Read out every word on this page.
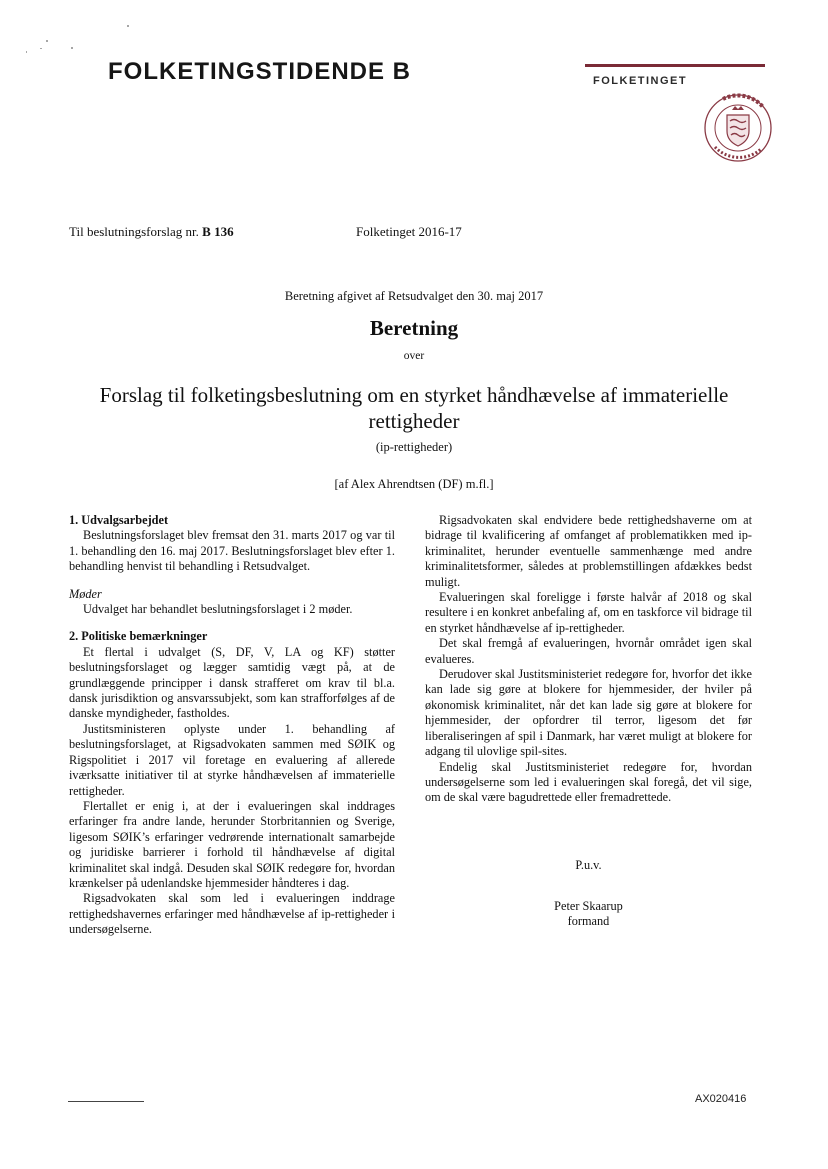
FOLKETINGSTIDENDE B	FOLKETINGET
Til beslutningsforslag nr. B 136	Folketinget 2016-17
Beretning afgivet af Retsudvalget den 30. maj 2017
Beretning
over
Forslag til folketingsbeslutning om en styrket håndhævelse af immaterielle
rettigheder
(ip-rettigheder)
[af Alex Ahrendtsen (DF) m.fl.]
1. Udvalgsarbejdet

Beslutningsforslaget blev fremsat den 31. marts 2017 og var til 1. behandling den 16. maj 2017. Beslutningsforslaget blev efter 1. behandling henvist til behandling i Retsudvalget.

Møder

Udvalget har behandlet beslutningsforslaget i 2 møder.

2. Politiske bemærkninger

Et flertal i udvalget (S, DF, V, LA og KF) støtter beslutningsforslaget og lægger samtidig vægt på, at de grundlæggende principper i dansk strafferet om krav til bl.a. dansk jurisdiktion og ansvarssubjekt, som kan strafforfølges af de danske myndigheder, fastholdes.

Justitsministeren oplyste under 1. behandling af beslutningsforslaget, at Rigsadvokaten sammen med SØIK og Rigspolitiet i 2017 vil foretage en evaluering af allerede iværksatte initiativer til at styrke håndhævelsen af immaterielle rettigheder.

Flertallet er enig i, at der i evalueringen skal inddrages erfaringer fra andre lande, herunder Storbritannien og Sverige, ligesom SØIK’s erfaringer vedrørende internationalt samarbejde og juridiske barrierer i forhold til håndhævelse af digital kriminalitet skal indgå. Desuden skal SØIK redegøre for, hvordan krænkelser på udenlandske hjemmesider håndteres i dag.

Rigsadvokaten skal som led i evalueringen inddrage rettighedshavernes erfaringer med håndhævelse af ip-rettigheder i undersøgelserne.

Rigsadvokaten skal endvidere bede rettighedshaverne om at bidrage til kvalificering af omfanget af problematikken med ip-kriminalitet, herunder eventuelle sammenhænge med andre kriminalitetsformer, således at problemstillingen afdækkes bedst muligt.

Evalueringen skal foreligge i første halvår af 2018 og skal resultere i en konkret anbefaling af, om en taskforce vil bidrage til en styrket håndhævelse af ip-rettigheder.

Det skal fremgå af evalueringen, hvornår området igen skal evalueres.

Derudover skal Justitsministeriet redegøre for, hvorfor det ikke kan lade sig gøre at blokere for hjemmesider, der hviler på økonomisk kriminalitet, når det kan lade sig gøre at blokere for hjemmesider, der opfordrer til terror, ligesom det før liberaliseringen af spil i Danmark, har været muligt at blokere for adgang til ulovlige spil-sites.

Endelig skal Justitsministeriet redegøre for, hvordan undersøgelserne som led i evalueringen skal foregå, det vil sige, om de skal være bagudrettede eller fremadrettede.

P.u.v.
Peter Skaarup
formand
AX020416
